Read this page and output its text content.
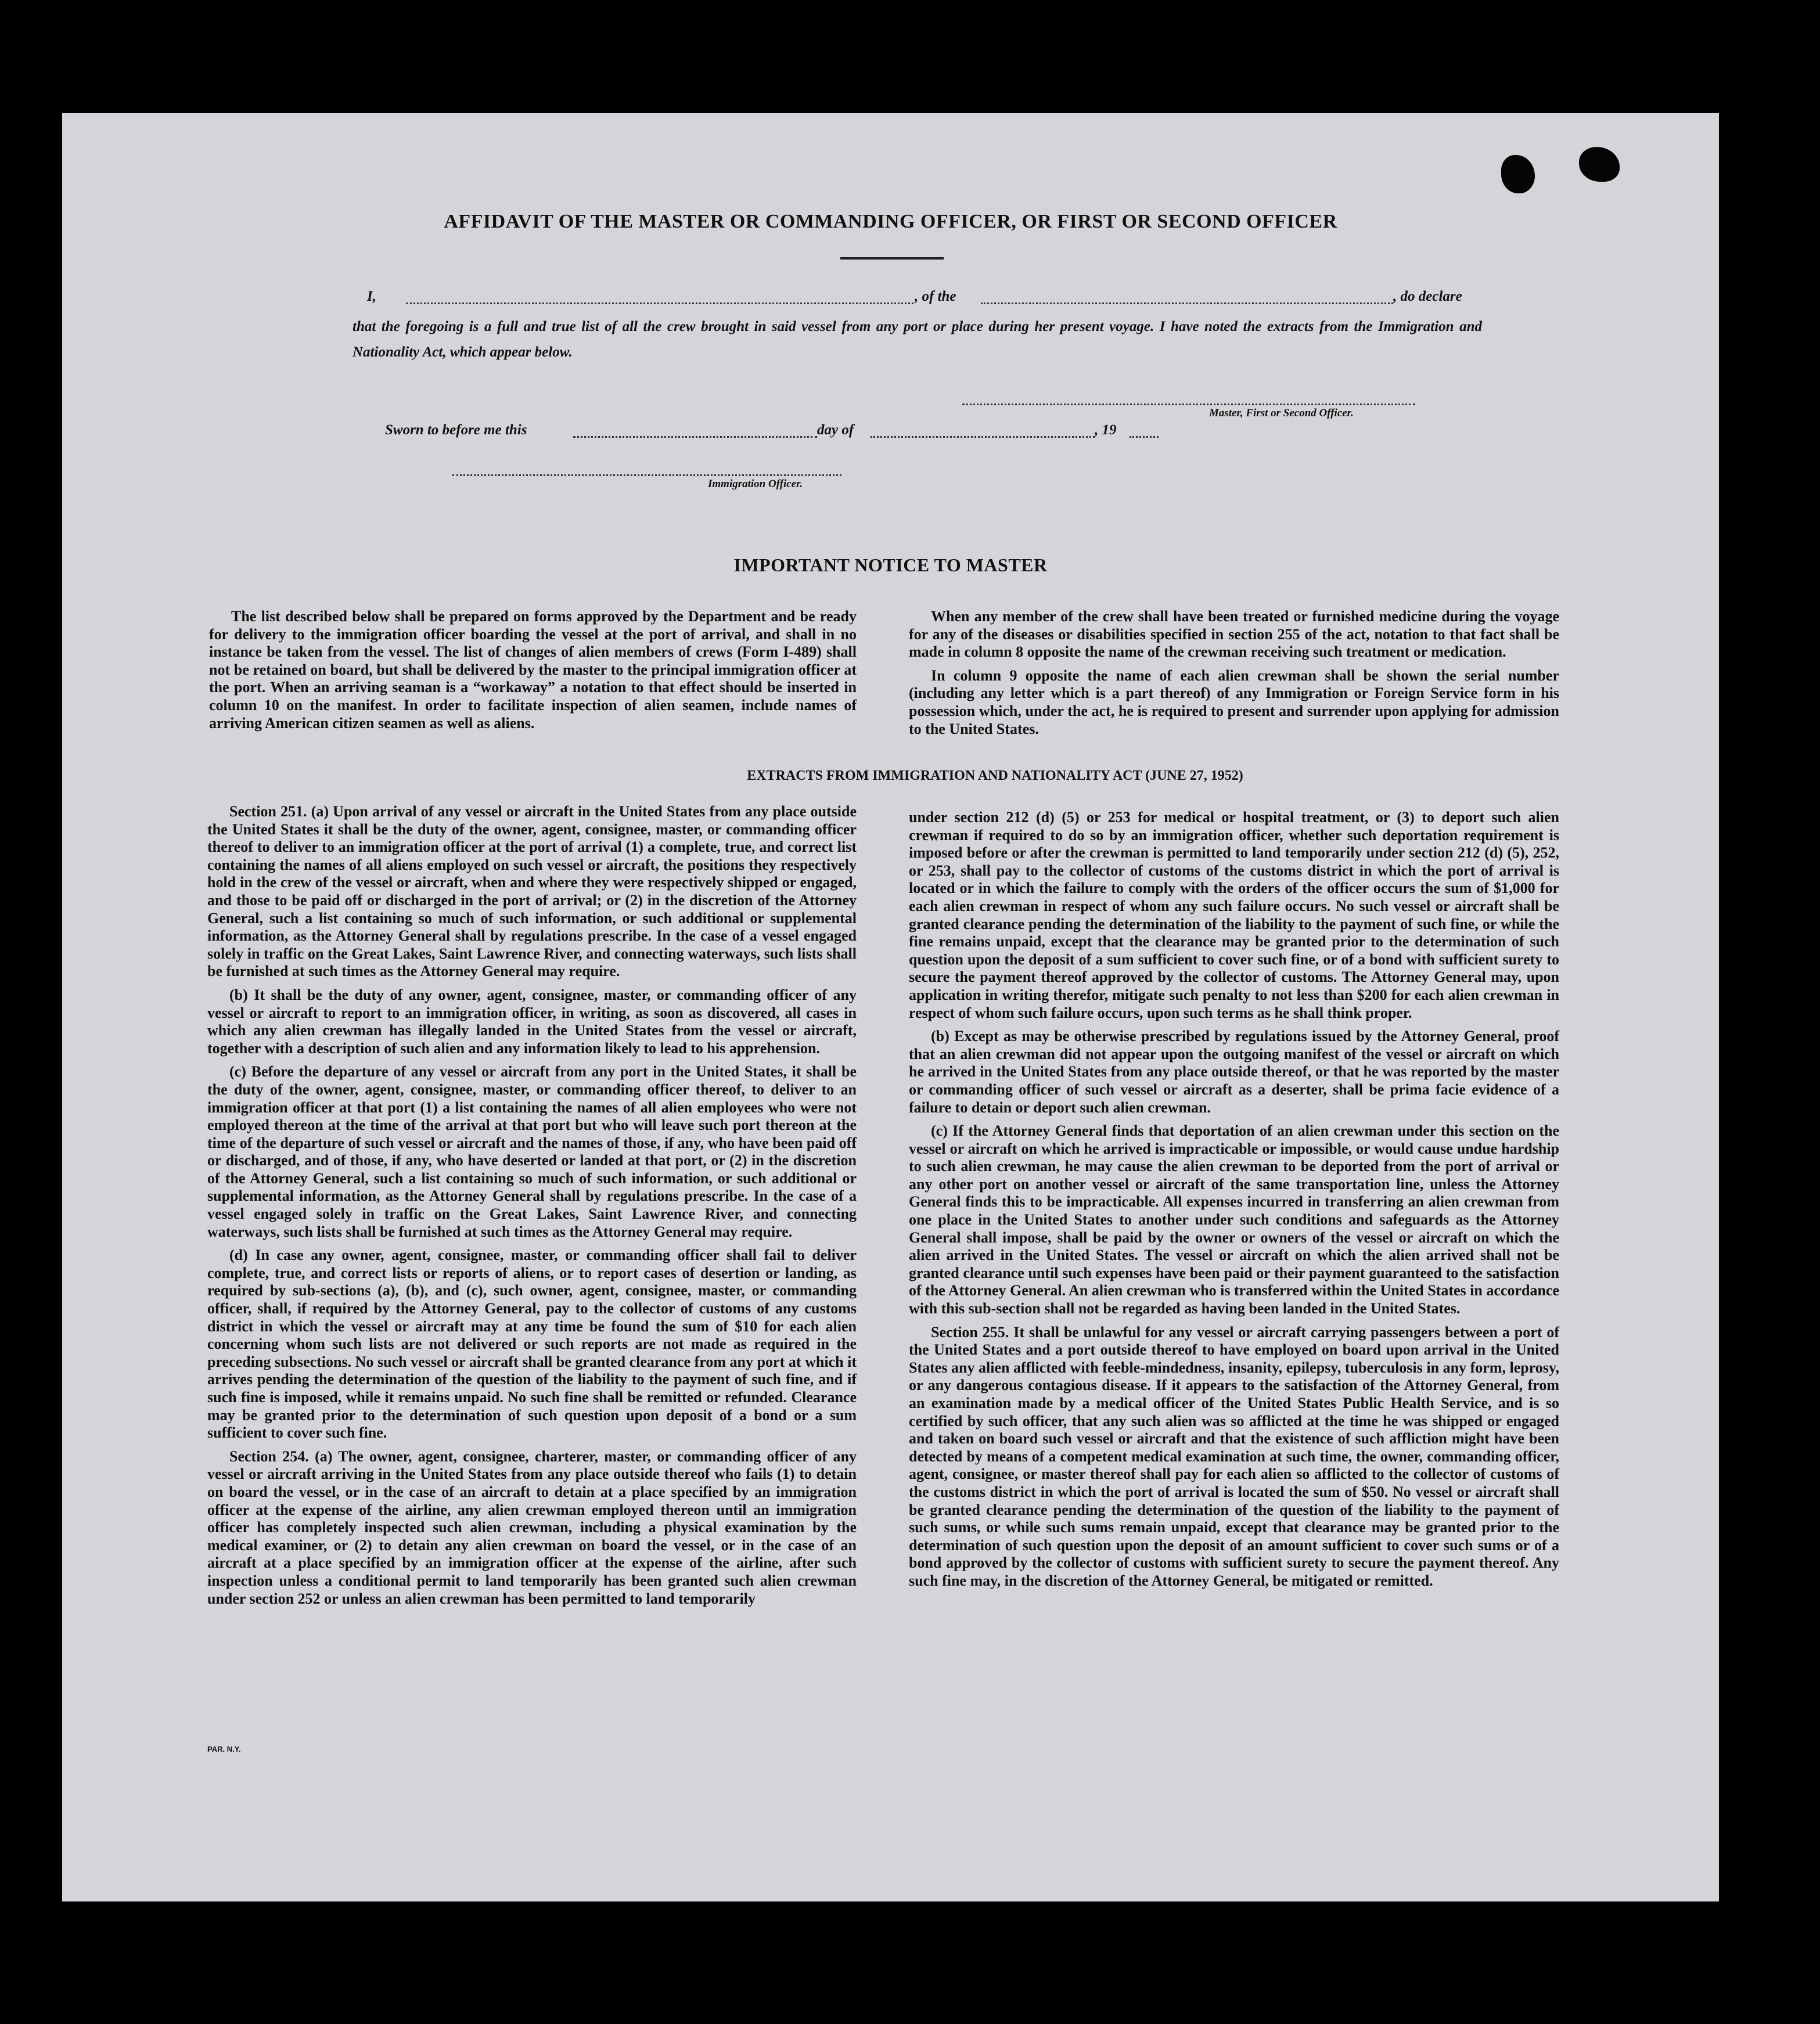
AFFIDAVIT OF THE MASTER OR COMMANDING OFFICER, OR FIRST OR SECOND OFFICER
I,	, of the	, do declare
that the foregoing is a full and true list of all the crew brought in said vessel from any port or place during her present voyage. I have noted the extracts from the Immigration and Nationality Act, which appear below.
Master, First or Second Officer.
Sworn to before me this	day of	, 19
Immigration Officer.
IMPORTANT NOTICE TO MASTER

The list described below shall be prepared on forms approved by the Department and be ready for delivery to the immigration officer boarding the vessel at the port of arrival, and shall in no instance be taken from the vessel. The list of changes of alien members of crews (Form I-489) shall not be retained on board, but shall be delivered by the master to the principal immigration officer at the port. When an arriving seaman is a “workaway” a notation to that effect should be inserted in column 10 on the manifest. In order to facilitate inspection of alien seamen, include names of arriving American citizen seamen as well as aliens.

When any member of the crew shall have been treated or furnished medicine during the voyage for any of the diseases or disabilities specified in section 255 of the act, notation to that fact shall be made in column 8 opposite the name of the crewman receiving such treatment or medication.

In column 9 opposite the name of each alien crewman shall be shown the serial number (including any letter which is a part thereof) of any Immigration or Foreign Service form in his possession which, under the act, he is required to present and surrender upon applying for admission to the United States.

EXTRACTS FROM IMMIGRATION AND NATIONALITY ACT (JUNE 27, 1952)

Section 251. (a) Upon arrival of any vessel or aircraft in the United States from any place outside the United States it shall be the duty of the owner, agent, consignee, master, or commanding officer thereof to deliver to an immigration officer at the port of arrival (1) a complete, true, and correct list containing the names of all aliens employed on such vessel or aircraft, the positions they respectively hold in the crew of the vessel or aircraft, when and where they were respectively shipped or engaged, and those to be paid off or discharged in the port of arrival; or (2) in the discretion of the Attorney General, such a list containing so much of such information, or such additional or supplemental information, as the Attorney General shall by regulations prescribe. In the case of a vessel engaged solely in traffic on the Great Lakes, Saint Lawrence River, and connecting waterways, such lists shall be furnished at such times as the Attorney General may require.

(b) It shall be the duty of any owner, agent, consignee, master, or commanding officer of any vessel or aircraft to report to an immigration officer, in writing, as soon as discovered, all cases in which any alien crewman has illegally landed in the United States from the vessel or aircraft, together with a description of such alien and any information likely to lead to his apprehension.

(c) Before the departure of any vessel or aircraft from any port in the United States, it shall be the duty of the owner, agent, consignee, master, or commanding officer thereof, to deliver to an immigration officer at that port (1) a list containing the names of all alien employees who were not employed thereon at the time of the arrival at that port but who will leave such port thereon at the time of the departure of such vessel or aircraft and the names of those, if any, who have been paid off or discharged, and of those, if any, who have deserted or landed at that port, or (2) in the discretion of the Attorney General, such a list containing so much of such information, or such additional or supplemental information, as the Attorney General shall by regulations prescribe. In the case of a vessel engaged solely in traffic on the Great Lakes, Saint Lawrence River, and connecting waterways, such lists shall be furnished at such times as the Attorney General may require.

(d) In case any owner, agent, consignee, master, or commanding officer shall fail to deliver complete, true, and correct lists or reports of aliens, or to report cases of desertion or landing, as required by sub-sections (a), (b), and (c), such owner, agent, consignee, master, or commanding officer, shall, if required by the Attorney General, pay to the collector of customs of any customs district in which the vessel or aircraft may at any time be found the sum of $10 for each alien concerning whom such lists are not delivered or such reports are not made as required in the preceding subsections. No such vessel or aircraft shall be granted clearance from any port at which it arrives pending the determination of the question of the liability to the payment of such fine, and if such fine is imposed, while it remains unpaid. No such fine shall be remitted or refunded. Clearance may be granted prior to the determination of such question upon deposit of a bond or a sum sufficient to cover such fine.

Section 254. (a) The owner, agent, consignee, charterer, master, or commanding officer of any vessel or aircraft arriving in the United States from any place outside thereof who fails (1) to detain on board the vessel, or in the case of an aircraft to detain at a place specified by an immigration officer at the expense of the airline, any alien crewman employed thereon until an immigration officer has completely inspected such alien crewman, including a physical examination by the medical examiner, or (2) to detain any alien crewman on board the vessel, or in the case of an aircraft at a place specified by an immigration officer at the expense of the airline, after such inspection unless a conditional permit to land temporarily has been granted such alien crewman under section 252 or unless an alien crewman has been permitted to land temporarily

under section 212 (d) (5) or 253 for medical or hospital treatment, or (3) to deport such alien crewman if required to do so by an immigration officer, whether such deportation requirement is imposed before or after the crewman is permitted to land temporarily under section 212 (d) (5), 252, or 253, shall pay to the collector of customs of the customs district in which the port of arrival is located or in which the failure to comply with the orders of the officer occurs the sum of $1,000 for each alien crewman in respect of whom any such failure occurs. No such vessel or aircraft shall be granted clearance pending the determination of the liability to the payment of such fine, or while the fine remains unpaid, except that the clearance may be granted prior to the determination of such question upon the deposit of a sum sufficient to cover such fine, or of a bond with sufficient surety to secure the payment thereof approved by the collector of customs. The Attorney General may, upon application in writing therefor, mitigate such penalty to not less than $200 for each alien crewman in respect of whom such failure occurs, upon such terms as he shall think proper.

(b) Except as may be otherwise prescribed by regulations issued by the Attorney General, proof that an alien crewman did not appear upon the outgoing manifest of the vessel or aircraft on which he arrived in the United States from any place outside thereof, or that he was reported by the master or commanding officer of such vessel or aircraft as a deserter, shall be prima facie evidence of a failure to detain or deport such alien crewman.

(c) If the Attorney General finds that deportation of an alien crewman under this section on the vessel or aircraft on which he arrived is impracticable or impossible, or would cause undue hardship to such alien crewman, he may cause the alien crewman to be deported from the port of arrival or any other port on another vessel or aircraft of the same transportation line, unless the Attorney General finds this to be impracticable. All expenses incurred in transferring an alien crewman from one place in the United States to another under such conditions and safeguards as the Attorney General shall impose, shall be paid by the owner or owners of the vessel or aircraft on which the alien arrived in the United States. The vessel or aircraft on which the alien arrived shall not be granted clearance until such expenses have been paid or their payment guaranteed to the satisfaction of the Attorney General. An alien crewman who is transferred within the United States in accordance with this sub-section shall not be regarded as having been landed in the United States.

Section 255. It shall be unlawful for any vessel or aircraft carrying passengers between a port of the United States and a port outside thereof to have employed on board upon arrival in the United States any alien afflicted with feeble-mindedness, insanity, epilepsy, tuberculosis in any form, leprosy, or any dangerous contagious disease. If it appears to the satisfaction of the Attorney General, from an examination made by a medical officer of the United States Public Health Service, and is so certified by such officer, that any such alien was so afflicted at the time he was shipped or engaged and taken on board such vessel or aircraft and that the existence of such affliction might have been detected by means of a competent medical examination at such time, the owner, commanding officer, agent, consignee, or master thereof shall pay for each alien so afflicted to the collector of customs of the customs district in which the port of arrival is located the sum of $50. No vessel or aircraft shall be granted clearance pending the determination of the question of the liability to the payment of such sums, or while such sums remain unpaid, except that clearance may be granted prior to the determination of such question upon the deposit of an amount sufficient to cover such sums or of a bond approved by the collector of customs with sufficient surety to secure the payment thereof. Any such fine may, in the discretion of the Attorney General, be mitigated or remitted.

PAR. N.Y.
